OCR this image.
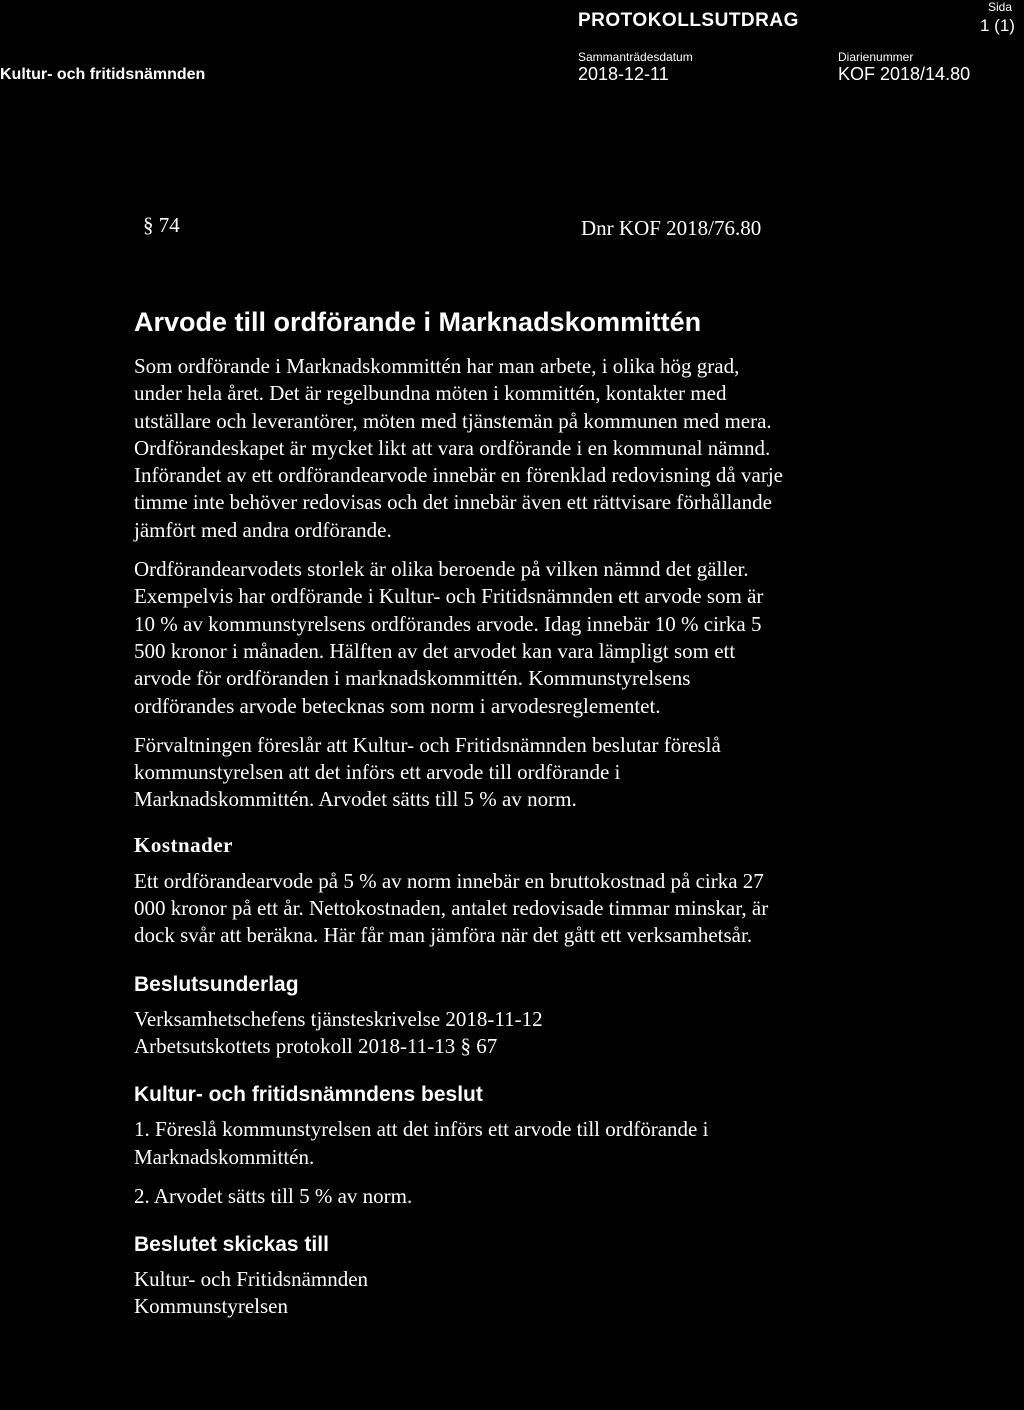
PROTOKOLLSUTDRAG
Sida
1 (1)
Sammanträdesdatum
2018-12-11
Diarienummer
KOF 2018/14.80
Kultur- och fritidsnämnden
§ 74	Dnr KOF 2018/76.80
Arvode till ordförande i Marknadskommittén

Som ordförande i Marknadskommittén har man arbete, i olika hög grad,
under hela året. Det är regelbundna möten i kommittén, kontakter med
utställare och leverantörer, möten med tjänstemän på kommunen med mera.
Ordförandeskapet är mycket likt att vara ordförande i en kommunal nämnd.
Införandet av ett ordförandearvode innebär en förenklad redovisning då varje
timme inte behöver redovisas och det innebär även ett rättvisare förhållande
jämfört med andra ordförande.

Ordförandearvodets storlek är olika beroende på vilken nämnd det gäller.
Exempelvis har ordförande i Kultur- och Fritidsnämnden ett arvode som är
10 % av kommunstyrelsens ordförandes arvode. Idag innebär 10 % cirka 5
500 kronor i månaden. Hälften av det arvodet kan vara lämpligt som ett
arvode för ordföranden i marknadskommittén. Kommunstyrelsens
ordförandes arvode betecknas som norm i arvodesreglementet.

Förvaltningen föreslår att Kultur- och Fritidsnämnden beslutar föreslå
kommunstyrelsen att det införs ett arvode till ordförande i
Marknadskommittén. Arvodet sätts till 5 % av norm.

Kostnader

Ett ordförandearvode på 5 % av norm innebär en bruttokostnad på cirka 27
000 kronor på ett år. Nettokostnaden, antalet redovisade timmar minskar, är
dock svår att beräkna. Här får man jämföra när det gått ett verksamhetsår.

Beslutsunderlag

Verksamhetschefens tjänsteskrivelse 2018-11-12
Arbetsutskottets protokoll 2018-11-13 § 67

Kultur- och fritidsnämndens beslut

1. Föreslå kommunstyrelsen att det införs ett arvode till ordförande i
Marknadskommittén.

2. Arvodet sätts till 5 % av norm.

Beslutet skickas till

Kultur- och Fritidsnämnden
Kommunstyrelsen
